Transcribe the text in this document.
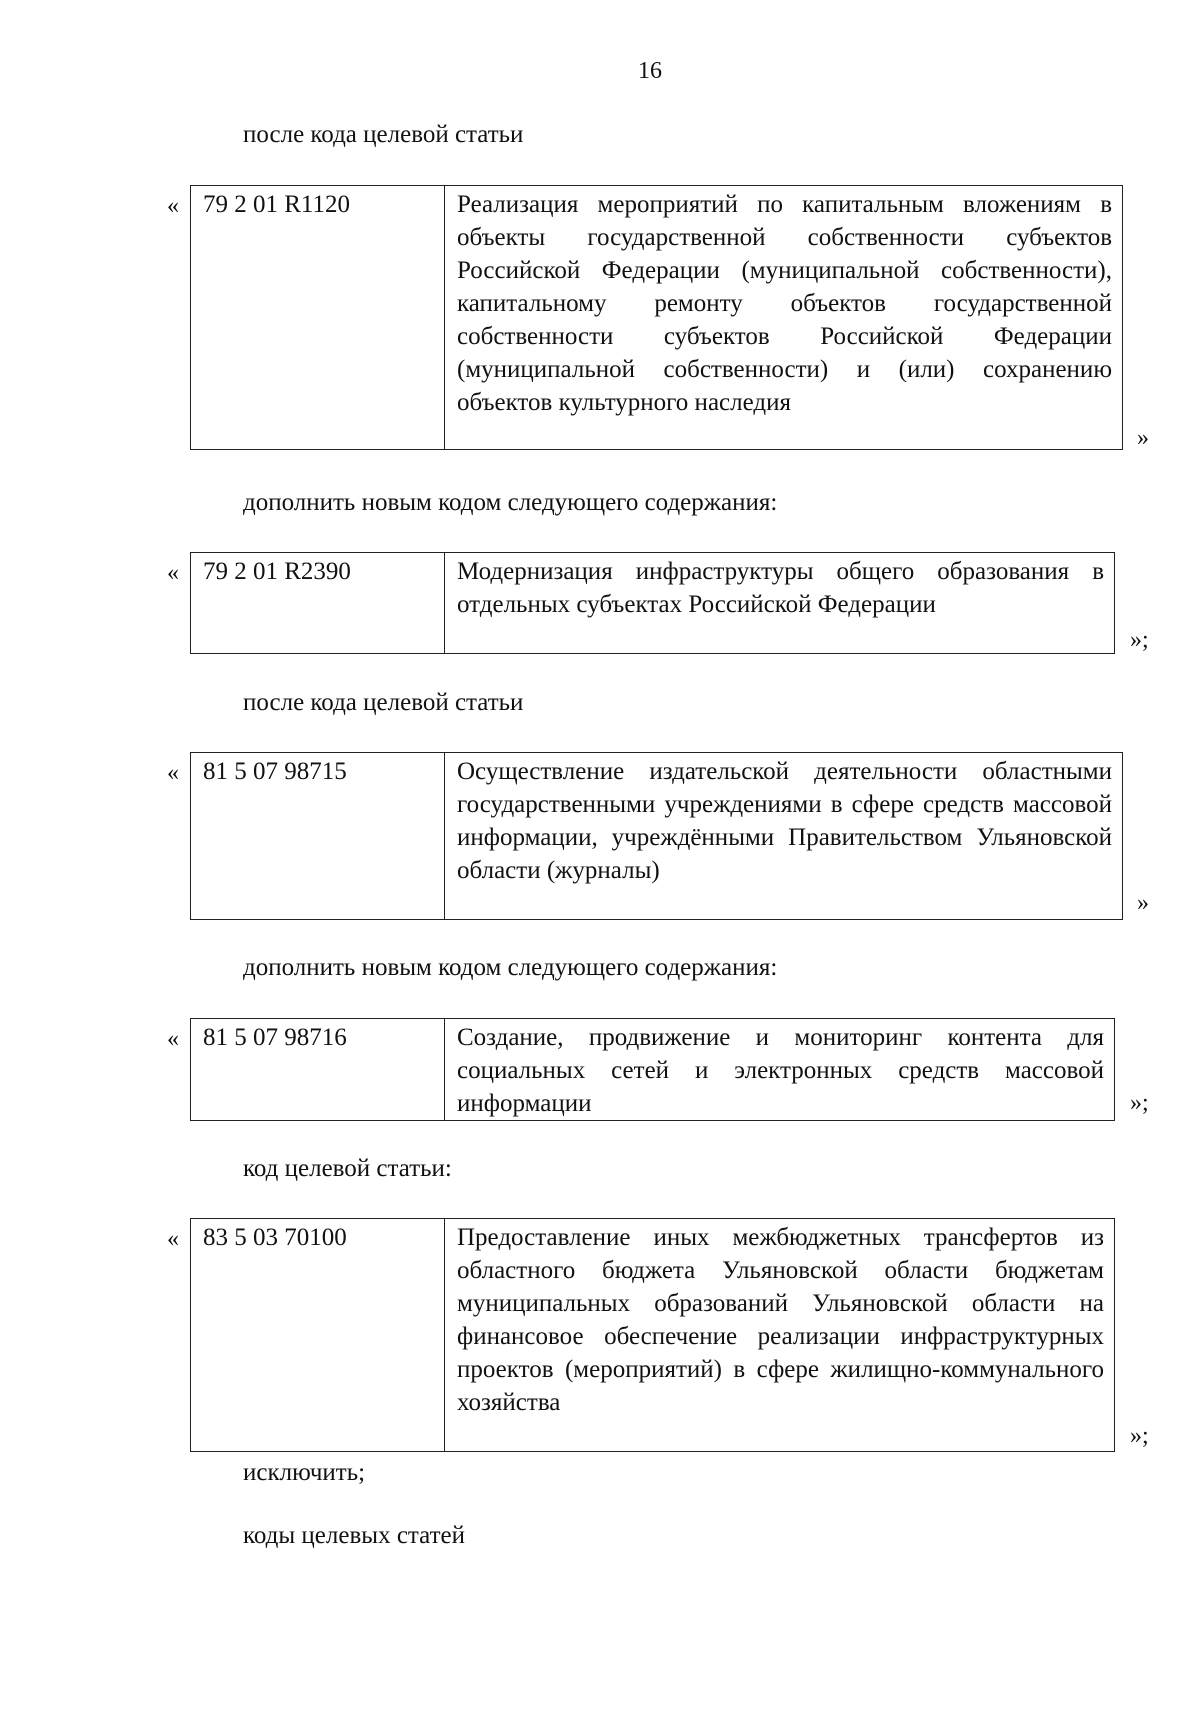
16
после кода целевой статьи
« 79 2 01 R1120	Реализация мероприятий по капитальным вложениям в объекты государственной собственности субъектов Российской Федерации (муниципальной собственности), капитальному ремонту объектов государственной собственности субъектов Российской Федерации (муниципальной собственности) и (или) сохранению объектов культурного наследия
»
дополнить новым кодом следующего содержания:
« 79 2 01 R2390	Модернизация инфраструктуры общего образования в отдельных субъектах Российской Федерации
»;
после кода целевой статьи
« 81 5 07 98715	Осуществление издательской деятельности областными государственными учреждениями в сфере средств массовой информации, учреждёнными Правительством Ульяновской области (журналы)
»
дополнить новым кодом следующего содержания:
« 81 5 07 98716	Создание, продвижение и мониторинг контента для социальных сетей и электронных средств массовой информации	»;
код целевой статьи:
« 83 5 03 70100	Предоставление иных межбюджетных трансфертов из областного бюджета Ульяновской области бюджетам муниципальных образований Ульяновской области на финансовое обеспечение реализации инфраструктурных проектов (мероприятий) в сфере жилищно-коммунального хозяйства
»;
исключить;
коды целевых статей
